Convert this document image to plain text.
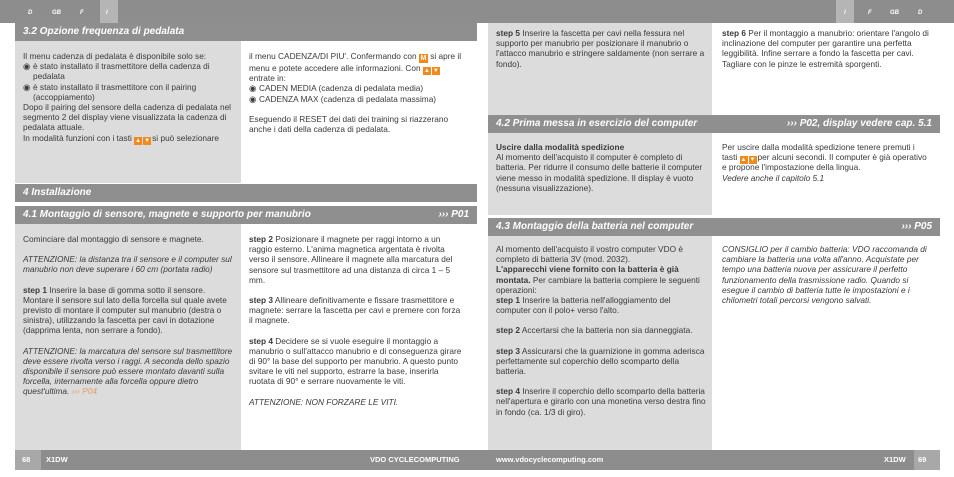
D	GB	F	I	I	F	GB	D
3.2 Opzione frequenza di pedalata

Il menu cadenza di pedalata è disponibile solo se:

◉ è stato installato il trasmettitore della cadenza di pedalata
◉ è stato installato il trasmettitore con il pairing (accoppiamento)

Dopo il pairing del sensore della cadenza di pedalata nel segmento 2 del display viene visualizzata la cadenza di pedalata attuale.

In modalità funzioni con i tasti ▲ ▼ si può selezionare

il menu CADENZA/DI PIU'. Confermando con M si apre il menu e potete accedere alle informazioni. Con ▲ ▼ entrate in:

◉ CADEN MEDIA (cadenza di pedalata media)
◉ CADENZA MAX (cadenza di pedalata massima)

Eseguendo il RESET dei dati dei training si riazzerano anche i dati della cadenza di pedalata.

4 Installazione
4.1 Montaggio di sensore, magnete e supporto per manubrio	››› P01

Cominciare dal montaggio di sensore e magnete.

ATTENZIONE: la distanza tra il sensore e il computer sul manubrio non deve superare i 60 cm (portata radio)

step 1 Inserire la base di gomma sotto il sensore. Montare il sensore sul lato della forcella sul quale avete previsto di montare il computer sul manubrio (destra o sinistra), utilizzando la fascetta per cavi in dotazione (dapprima lenta, non serrare a fondo).

ATTENZIONE: la marcatura del sensore sul trasmettitore deve essere rivolta verso i raggi. A seconda dello spazio disponibile il sensore può essere montato davanti sulla forcella, internamente alla forcella oppure dietro quest'ultima. ››› P04

step 2 Posizionare il magnete per raggi intorno a un raggio esterno. L'anima magnetica argentata è rivolta verso il sensore. Allineare il magnete alla marcatura del sensore sul trasmettitore ad una distanza di circa 1 – 5 mm.

step 3 Allineare definitivamente e fissare trasmettitore e magnete: serrare la fascetta per cavi e premere con forza il magnete.

step 4 Decidere se si vuole eseguire il montaggio a manubrio o sull'attacco manubrio e di conseguenza girare di 90° la base del supporto per manubrio. A questo punto svitare le viti nel supporto, estrarre la base, inserirla ruotata di 90° e serrare nuovamente le viti.

ATTENZIONE: NON FORZARE LE VITI.

step 5 Inserire la fascetta per cavi nella fessura nel supporto per manubrio per posizionare il manubrio o l'attacco manubrio e stringere saldamente (non serrare a fondo).

step 6 Per il montaggio a manubrio: orientare l'angolo di inclinazione del computer per garantire una perfetta leggibilità. Infine serrare a fondo la fascetta per cavi. Tagliare con le pinze le estremità sporgenti.

4.2 Prima messa in esercizio del computer	››› P02, display vedere cap. 5.1

Uscire dalla modalità spedizione

Al momento dell'acquisto il computer è completo di batteria. Per ridurre il consumo delle batterie il computer viene messo in modalità spedizione. Il display è vuoto (nessuna visualizzazione).

Per uscire dalla modalità spedizione tenere premuti i tasti ▲ ▼ per alcuni secondi. Il computer è già operativo e propone l'impostazione della lingua.

Vedere anche il capitolo 5.1

4.3 Montaggio della batteria nel computer	››› P05

Al momento dell'acquisto il vostro computer VDO è completo di batteria 3V (mod. 2032).

L'apparecchi viene fornito con la batteria è già montata. Per cambiare la batteria compiere le seguenti operazioni:

step 1 Inserire la batteria nell'alloggiamento del computer con il polo+ verso l'alto.

step 2 Accertarsi che la batteria non sia danneggiata.

step 3 Assicurarsi che la guarnizione in gomma aderisca perfettamente sul coperchio dello scomparto della batteria.

step 4 Inserire il coperchio dello scomparto della batteria nell'apertura e girarlo con una monetina verso destra fino in fondo (ca. 1/3 di giro).

CONSIGLIO per il cambio batteria: VDO raccomanda di cambiare la batteria una volta all'anno. Acquistate per tempo una batteria nuova per assicurare il perfetto funzionamento della trasmissione radio. Quando si esegue il cambio di batteria tutte le impostazioni e i chilometri totali percorsi vengono salvati.

68 X1DW	VDO CYCLECOMPUTING	www.vdocyclecomputing.com	X1DW 69
